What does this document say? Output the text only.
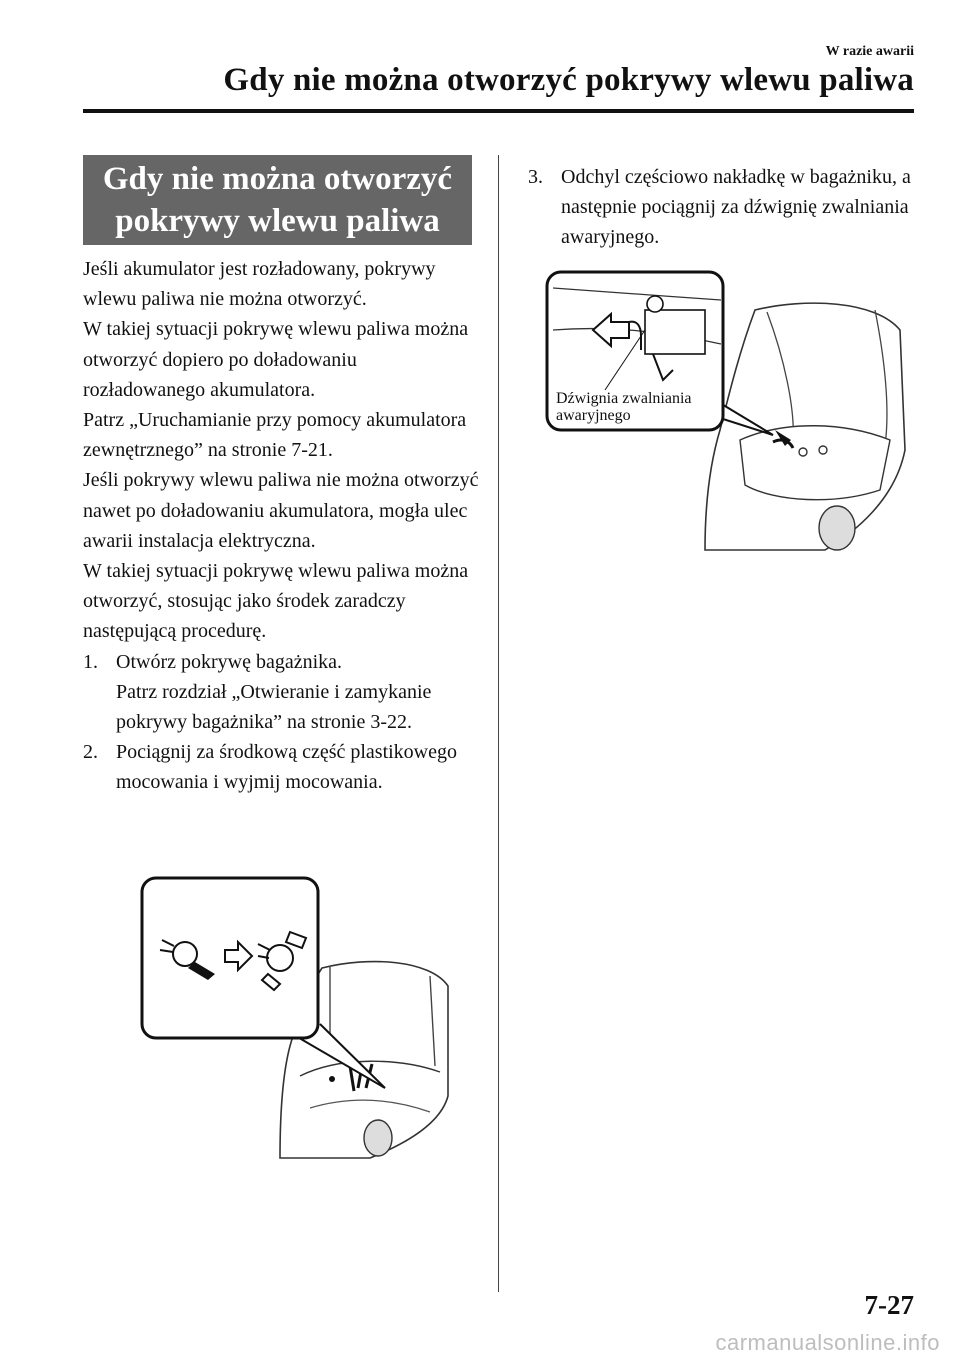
W razie awarii
Gdy nie można otworzyć pokrywy wlewu paliwa
Gdy nie można otworzyć
pokrywy wlewu paliwa

Jeśli akumulator jest rozładowany, pokrywy wlewu paliwa nie można otworzyć.

W takiej sytuacji pokrywę wlewu paliwa można otworzyć dopiero po doładowaniu rozładowanego akumulatora.

Patrz „Uruchamianie przy pomocy akumulatora zewnętrznego” na stronie 7-21.

Jeśli pokrywy wlewu paliwa nie można otworzyć nawet po doładowaniu akumulatora, mogła ulec awarii instalacja elektryczna.

W takiej sytuacji pokrywę wlewu paliwa można otworzyć, stosując jako środek zaradczy następującą procedurę.

1. Otwórz pokrywę bagażnika.
Patrz rozdział „Otwieranie i zamykanie pokrywy bagażnika” na stronie 3-22.
2. Pociągnij za środkową część plastikowego mocowania i wyjmij mocowania.
3. Odchyl częściowo nakładkę w bagażniku, a następnie pociągnij za dźwignię zwalniania awaryjnego.
Dźwignia zwalniania
awaryjnego
7-27
carmanualsonline.info
